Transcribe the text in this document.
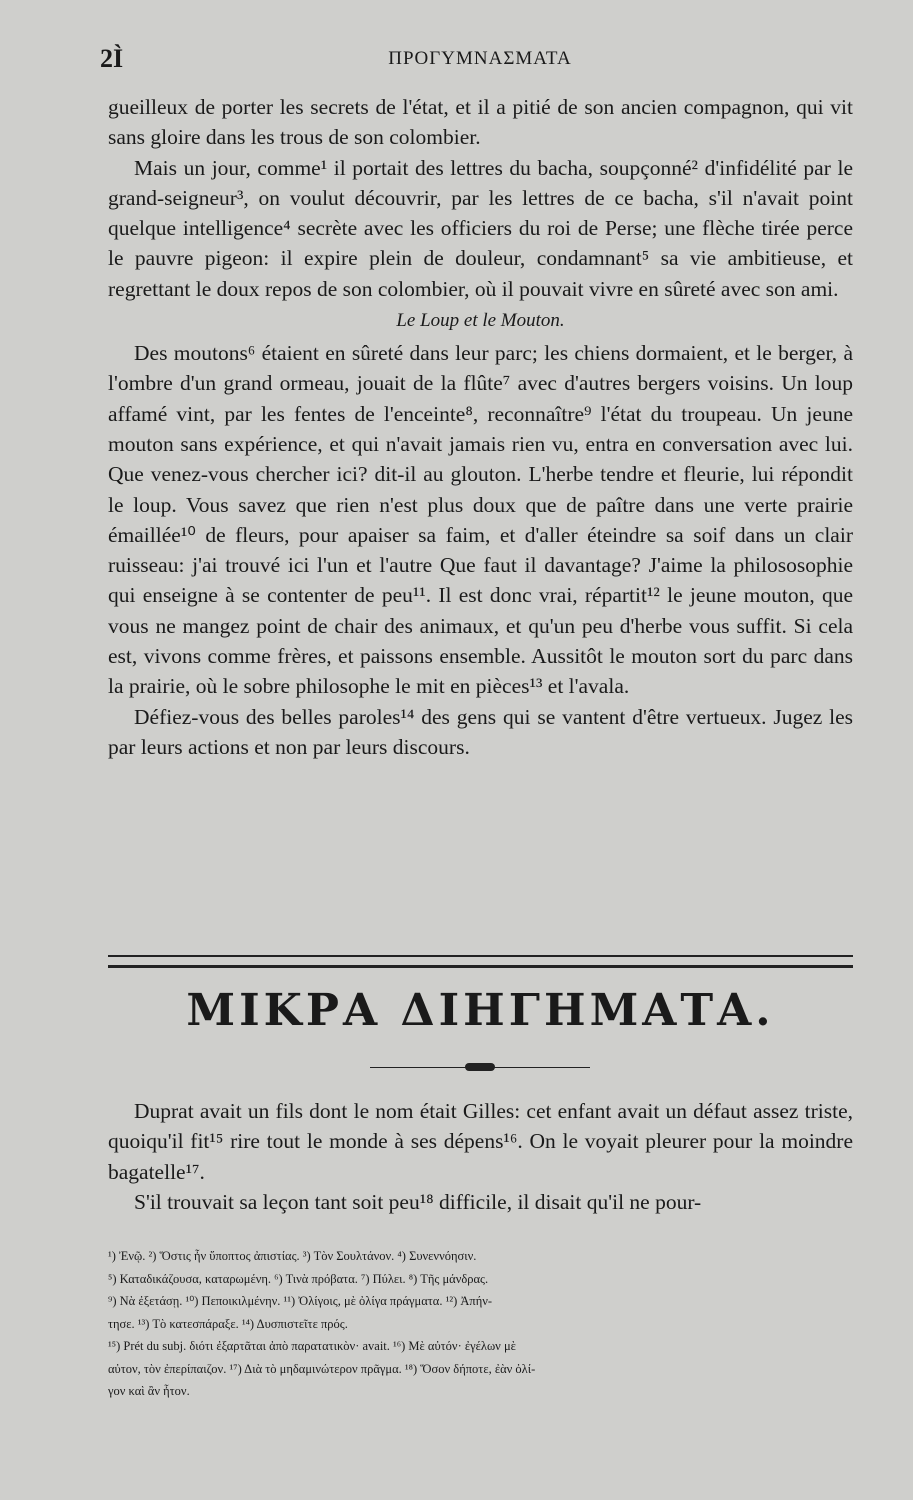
2Ì	ΠΡΟΓΥΜΝΑΣΜΑΤΑ

gueilleux de porter les secrets de l'état, et il a pitié de son ancien compagnon, qui vit sans gloire dans les trous de son colombier.

Mais un jour, comme¹ il portait des lettres du bacha, soupçonné² d'infidélité par le grand-seigneur³, on voulut découvrir, par les lettres de ce bacha, s'il n'avait point quelque intelligence⁴ secrète avec les officiers du roi de Perse; une flèche tirée perce le pauvre pigeon: il expire plein de douleur, condamnant⁵ sa vie ambitieuse, et regrettant le doux repos de son colombier, où il pouvait vivre en sûreté avec son ami.

Le Loup et le Mouton.

Des moutons⁶ étaient en sûreté dans leur parc; les chiens dormaient, et le berger, à l'ombre d'un grand ormeau, jouait de la flûte⁷ avec d'autres bergers voisins. Un loup affamé vint, par les fentes de l'enceinte⁸, reconnaître⁹ l'état du troupeau. Un jeune mouton sans expérience, et qui n'avait jamais rien vu, entra en conversation avec lui. Que venez-vous chercher ici? dit-il au glouton. L'herbe tendre et fleurie, lui répondit le loup. Vous savez que rien n'est plus doux que de paître dans une verte prairie émaillée¹⁰ de fleurs, pour apaiser sa faim, et d'aller éteindre sa soif dans un clair ruisseau: j'ai trouvé ici l'un et l'autre Que faut il davantage? J'aime la philososophie qui enseigne à se contenter de peu¹¹. Il est donc vrai, répartit¹² le jeune mouton, que vous ne mangez point de chair des animaux, et qu'un peu d'herbe vous suffit. Si cela est, vivons comme frères, et paissons ensemble. Aussitôt le mouton sort du parc dans la prairie, où le sobre philosophe le mit en pièces¹³ et l'avala.

Défiez-vous des belles paroles¹⁴ des gens qui se vantent d'être vertueux. Jugez les par leurs actions et non par leurs discours.

ΜΙΚΡΑ ΔΙΗΓΗΜΑΤΑ.

Duprat avait un fils dont le nom était Gilles: cet enfant avait un défaut assez triste, quoiqu'il fit¹⁵ rire tout le monde à ses dépens¹⁶. On le voyait pleurer pour la moindre bagatelle¹⁷.

S'il trouvait sa leçon tant soit peu¹⁸ difficile, il disait qu'il ne pour-

¹) Ἐνῷ. ²) Ὅστις ἦν ὕποπτος ἀπιστίας. ³) Τὸν Σουλτάνον. ⁴) Συνεννόησιν.

⁵) Καταδικάζουσα, καταρωμένη. ⁶) Τινὰ πρόβατα. ⁷) Πύλει. ⁸) Τῆς μάνδρας.

⁹) Νὰ ἐξετάσῃ. ¹⁰) Πεποικιλμένην. ¹¹) Ὀλίγοις, μὲ ὀλίγα πράγματα. ¹²) Ἀπήν-

τησε. ¹³) Τὸ κατεσπάραξε. ¹⁴) Δυσπιστεῖτε πρός.

¹⁵) Prét du subj. διότι ἐξαρτᾶται ἀπὸ παρατατικὸν· avait. ¹⁶) Μὲ αὐτόν· ἐγέλων μὲ

αὐτον, τὸν ἐπερίπαιζον. ¹⁷) Διὰ τὸ μηδαμινώτερον πρᾶγμα. ¹⁸) Ὅσον δήποτε, ἐὰν ὀλί-

γον καὶ ἂν ἦτον.
